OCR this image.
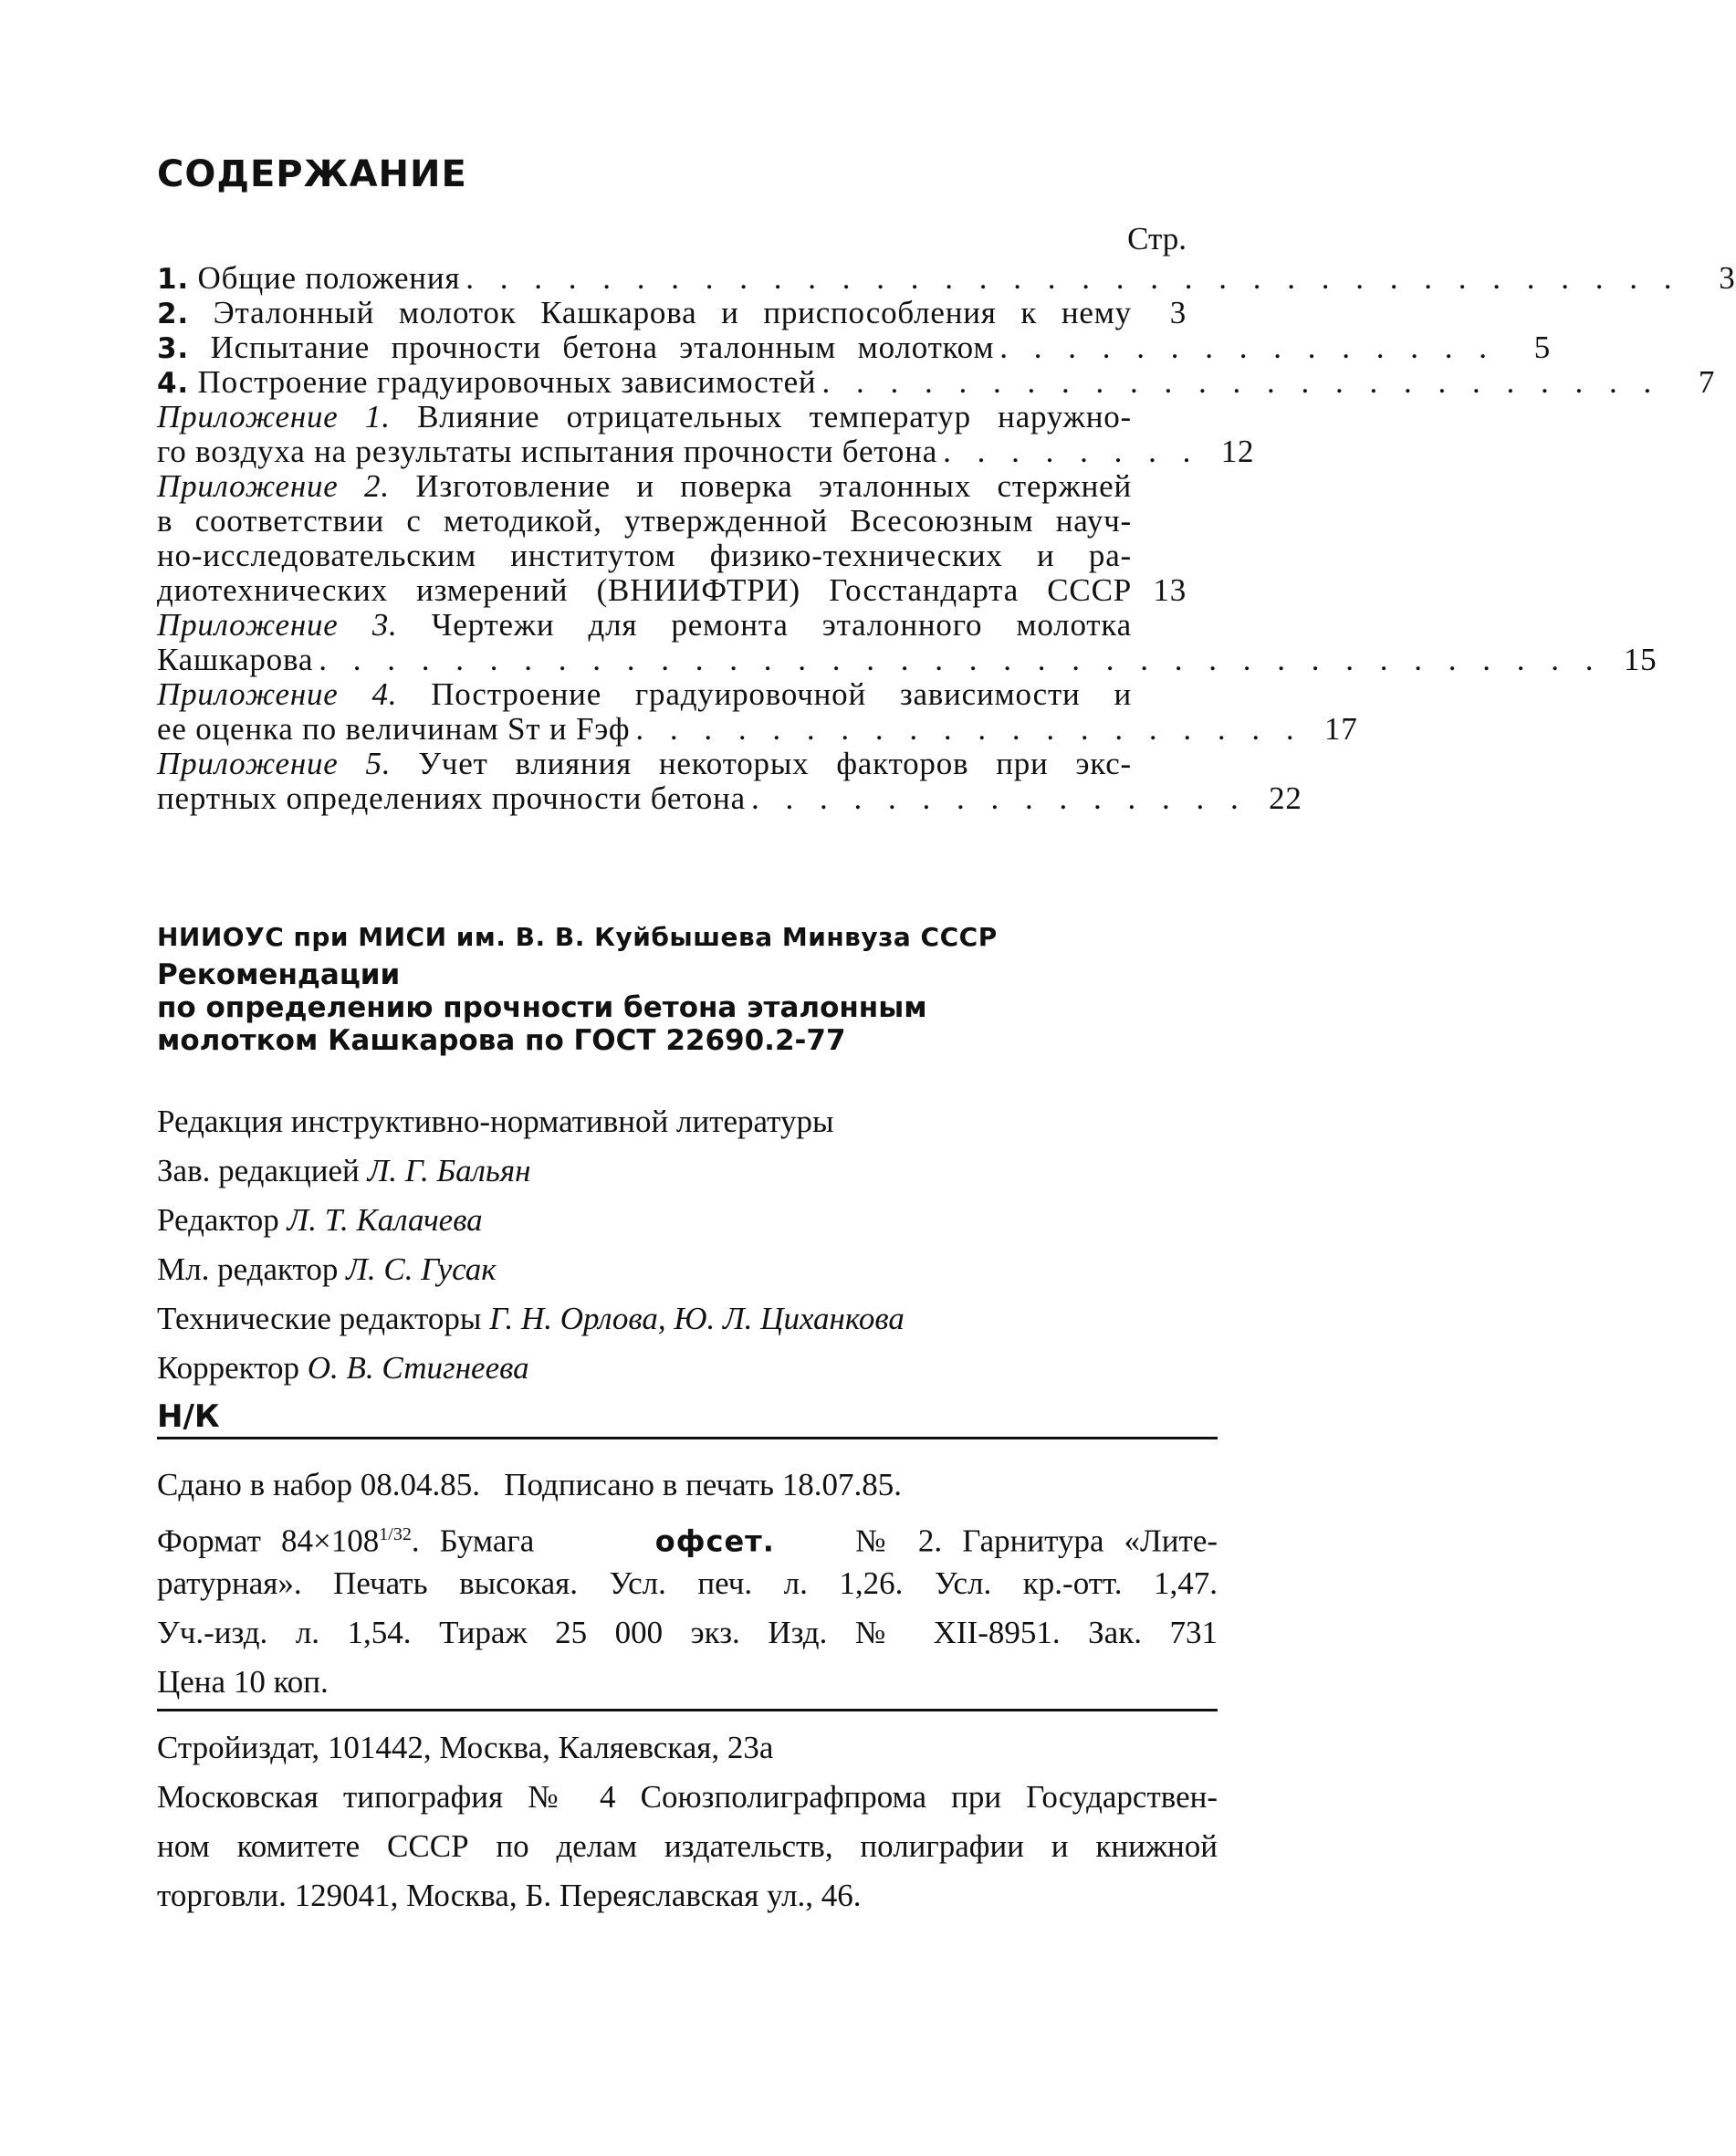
СОДЕРЖАНИЕ
Стр.
1. Общие положения . . . . . . . . . . . . . . . . . . . . . . . . . . . . . . . . . . . .	3
2. Эталонный молоток Кашкарова и приспособления к нему	3
3. Испытание прочности бетона эталонным молотком . . . . . . . . . . . . . . .	5
4. Построение градуировочных зависимостей . . . . . . . . . . . . . . . . . . . . . . . . .	7
Приложение 1. Влияние отрицательных температур наружно-
го воздуха на результаты испытания прочности бетона . . . . . . . . 12
Приложение 2. Изготовление и поверка эталонных стержней
в соответствии с методикой, утвержденной Всесоюзным науч-
но-исследовательским институтом физико-технических и ра-
диотехнических измерений (ВНИИФТРИ) Госстандарта СССР 13
Приложение 3. Чертежи для ремонта эталонного молотка
Кашкарова . . . . . . . . . . . . . . . . . . . . . . . . . . . . . . . . . . . . . . 15
Приложение 4. Построение градуировочной зависимости и
ее оценка по величинам Sт и Fэф . . . . . . . . . . . . . . . . . . . . 17
Приложение 5. Учет влияния некоторых факторов при экс-
пертных определениях прочности бетона . . . . . . . . . . . . . . . 22
НИИОУС при МИСИ им. В. В. Куйбышева Минвуза СССР
Рекомендации
по определению прочности бетона эталонным
молотком Кашкарова по ГОСТ 22690.2-77
Редакция инструктивно-нормативной литературы
Зав. редакцией Л. Г. Бальян
Редактор Л. Т. Калачева
Мл. редактор Л. С. Гусак
Технические редакторы Г. Н. Орлова, Ю. Л. Циханкова
Корректор О. В. Стигнеева
Н/К
Сдано в набор 08.04.85. Подписано в печать 18.07.85.
Формат $84\times 108^{1/32}$. Бумага	офсет.	№ 2. Гарнитура «Лите-
ратурная». Печать высокая. Усл. печ. л. 1,26. Усл. кр.-отт. 1,47.
Уч.-изд. л. 1,54. Тираж 25 000 экз. Изд. № XII-8951. Зак. 731
Цена 10 коп.
Стройиздат, 101442, Москва, Каляевская, 23а
Московская типография № 4 Союзполиграфпрома при Государствен-
ном комитете СССР по делам издательств, полиграфии и книжной
торговли. 129041, Москва, Б. Переяславская ул., 46.
